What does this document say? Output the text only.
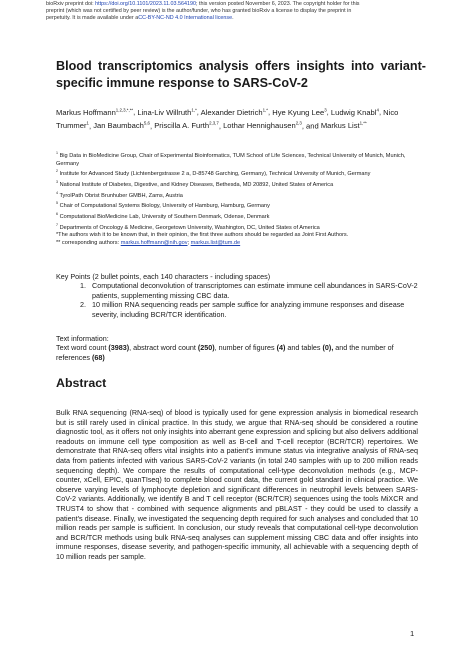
bioRxiv preprint doi: https://doi.org/10.1101/2023.11.03.564190; this version posted November 6, 2023. The copyright holder for this
preprint (which was not certified by peer review) is the author/funder, who has granted bioRxiv a license to display the preprint in
perpetuity. It is made available under aCC-BY-NC-ND 4.0 International license.
Blood transcriptomics analysis offers insights into variant-specific immune response to SARS-CoV-2

Markus Hoffmann$^{1,2,3,*,**}$, Lina-Liv Willruth$^{1,*}$, Alexander Dietrich$^{1,*}$, Hye Kyung Lee$^3$, Ludwig Knabl$^4$, Nico Trummer$^1$, Jan Baumbach$^{5,6}$, Priscilla A. Furth$^{2,3,7}$, Lothar Hennighausen$^{2,3}$, and Markus List$^{1,**}$

$^1$ Big Data in BioMedicine Group, Chair of Experimental Bioinformatics, TUM School of Life Sciences, Technical University of Munich, Munich, Germany
$^2$ Institute for Advanced Study (Lichtenbergstrasse 2 a, D-85748 Garching, Germany), Technical University of Munich, Germany
$^3$ National Institute of Diabetes, Digestive, and Kidney Diseases, Bethesda, MD 20892, United States of America
$^4$ TyrolPath Obrist Brunhuber GMBH, Zams, Austria
$^5$ Chair of Computational Systems Biology, University of Hamburg, Hamburg, Germany
$^6$ Computational BioMedicine Lab, University of Southern Denmark, Odense, Denmark
$^7$ Departments of Oncology & Medicine, Georgetown University, Washington, DC, United States of America
*The authors wish it to be known that, in their opinion, the first three authors should be regarded as Joint First Authors.
** corresponding authors: markus.hoffmann@nih.gov; markus.list@tum.de
Key Points (2 bullet points, each 140 characters - including spaces)
1. Computational deconvolution of transcriptomes can estimate immune cell abundances in SARS-CoV-2 patients, supplementing missing CBC data.
2. 10 million RNA sequencing reads per sample suffice for analyzing immune responses and disease severity, including BCR/TCR identification.
Text information:
Text word count (3983), abstract word count (250), number of figures (4) and tables (0), and the number of references (68)
Abstract

Bulk RNA sequencing (RNA-seq) of blood is typically used for gene expression analysis in biomedical research but is still rarely used in clinical practice. In this study, we argue that RNA-seq should be considered a routine diagnostic tool, as it offers not only insights into aberrant gene expression and splicing but also delivers additional readouts on immune cell type composition as well as B-cell and T-cell receptor (BCR/TCR) repertoires. We demonstrate that RNA-seq offers vital insights into a patient's immune status via integrative analysis of RNA-seq data from patients infected with various SARS-CoV-2 variants (in total 240 samples with up to 200 million reads sequencing depth). We compare the results of computational cell-type deconvolution methods (e.g., MCP-counter, xCell, EPIC, quanTIseq) to complete blood count data, the current gold standard in clinical practice. We observe varying levels of lymphocyte depletion and significant differences in neutrophil levels between SARS-CoV-2 variants. Additionally, we identify B and T cell receptor (BCR/TCR) sequences using the tools MiXCR and TRUST4 to show that - combined with sequence alignments and pBLAST - they could be used to classify a patient's disease. Finally, we investigated the sequencing depth required for such analyses and concluded that 10 million reads per sample is sufficient. In conclusion, our study reveals that computational cell-type deconvolution and BCR/TCR methods using bulk RNA-seq analyses can supplement missing CBC data and offer insights into immune responses, disease severity, and pathogen-specific immunity, all achievable with a sequencing depth of 10 million reads per sample.

1
